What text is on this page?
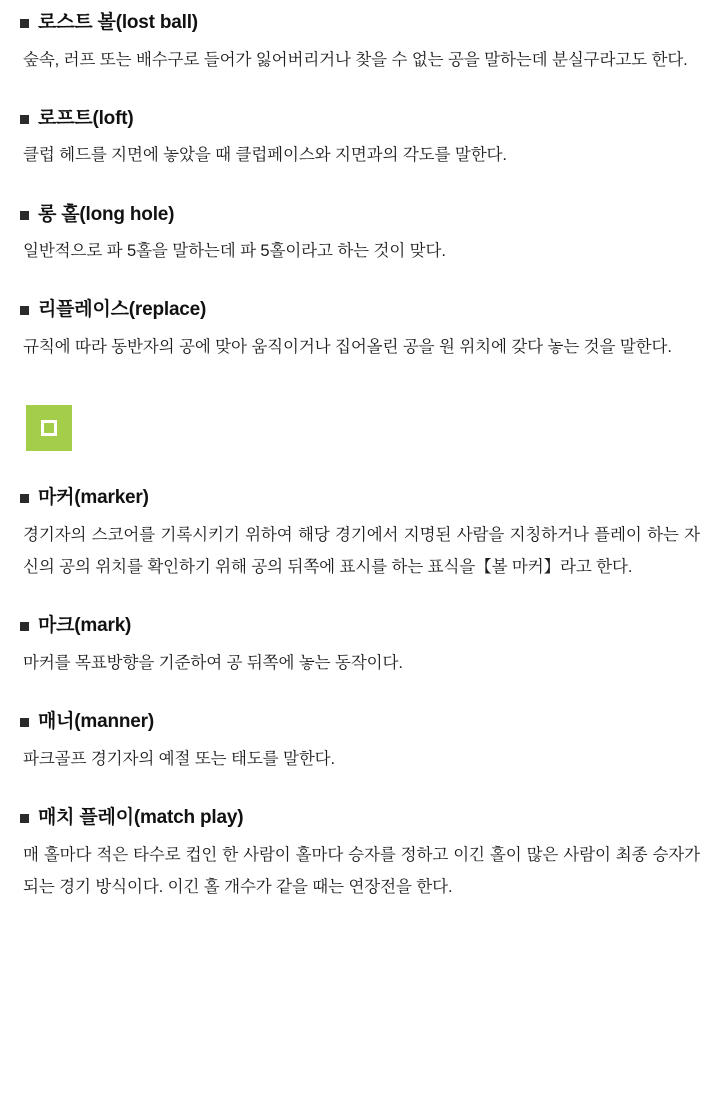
로스트 볼(lost ball)

숲속, 러프 또는 배수구로 들어가 잃어버리거나 찾을 수 없는 공을 말하는데 분실구라고도 한다.

로프트(loft)

클럽 헤드를 지면에 놓았을 때 클럽페이스와 지면과의 각도를 말한다.

롱 홀(long hole)

일반적으로 파 5홀을 말하는데 파 5홀이라고 하는 것이 맞다.

리플레이스(replace)

규칙에 따라 동반자의 공에 맞아 움직이거나 집어올린 공을 원 위치에 갖다 놓는 것을 말한다.

마커(marker)

경기자의 스코어를 기록시키기 위하여 해당 경기에서 지명된 사람을 지칭하거나 플레이 하는 자신의 공의 위치를 확인하기 위해 공의 뒤쪽에 표시를 하는 표식을【볼 마커】라고 한다.

마크(mark)

마커를 목표방향을 기준하여 공 뒤쪽에 놓는 동작이다.

매너(manner)

파크골프 경기자의 예절 또는 태도를 말한다.

매치 플레이(match play)

매 홀마다 적은 타수로 컵인 한 사람이 홀마다 승자를 정하고 이긴 홀이 많은 사람이 최종 승자가 되는 경기 방식이다. 이긴 홀 개수가 같을 때는 연장전을 한다.
